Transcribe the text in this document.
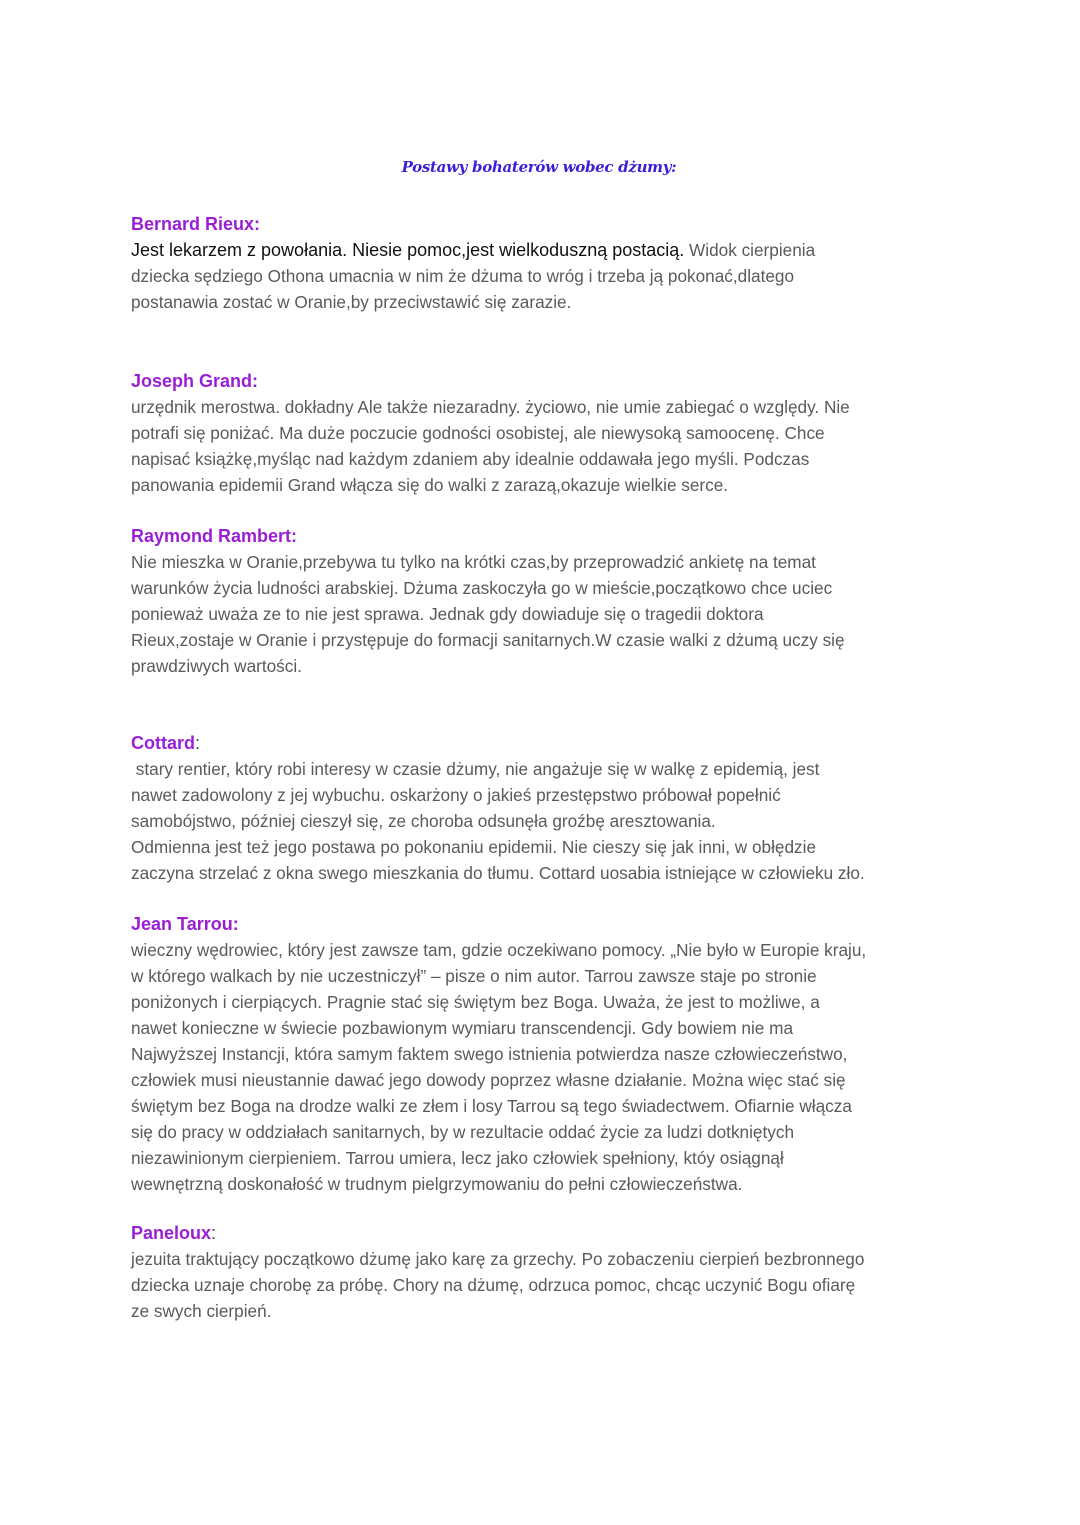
Postawy bohaterów wobec dżumy:
Bernard Rieux:
Jest lekarzem z powołania. Niesie pomoc,jest wielkoduszną postacią. Widok cierpienia
dziecka sędziego Othona umacnia w nim że dżuma to wróg i trzeba ją pokonać,dlatego
postanawia zostać w Oranie,by przeciwstawić się zarazie.
Joseph Grand:
urzędnik merostwa. dokładny Ale także niezaradny. życiowo, nie umie zabiegać o względy. Nie
potrafi się poniżać. Ma duże poczucie godności osobistej, ale niewysoką samoocenę. Chce
napisać książkę,myśląc nad każdym zdaniem aby idealnie oddawała jego myśli. Podczas
panowania epidemii Grand włącza się do walki z zarazą,okazuje wielkie serce.
Raymond Rambert:
Nie mieszka w Oranie,przebywa tu tylko na krótki czas,by przeprowadzić ankietę na temat
warunków życia ludności arabskiej. Dżuma zaskoczyła go w mieście,początkowo chce uciec
ponieważ uważa ze to nie jest sprawa. Jednak gdy dowiaduje się o tragedii doktora
Rieux,zostaje w Oranie i przystępuje do formacji sanitarnych.W czasie walki z dżumą uczy się
prawdziwych wartości.
Cottard:
stary rentier, który robi interesy w czasie dżumy, nie angażuje się w walkę z epidemią, jest
nawet zadowolony z jej wybuchu. oskarżony o jakieś przestępstwo próbował popełnić
samobójstwo, później cieszył się, ze choroba odsunęła groźbę aresztowania.
Odmienna jest też jego postawa po pokonaniu epidemii. Nie cieszy się jak inni, w obłędzie
zaczyna strzelać z okna swego mieszkania do tłumu. Cottard uosabia istniejące w człowieku zło.
Jean Tarrou:
wieczny wędrowiec, który jest zawsze tam, gdzie oczekiwano pomocy. „Nie było w Europie kraju,
w którego walkach by nie uczestniczył” – pisze o nim autor. Tarrou zawsze staje po stronie
poniżonych i cierpiących. Pragnie stać się świętym bez Boga. Uważa, że jest to możliwe, a
nawet konieczne w świecie pozbawionym wymiaru transcendencji. Gdy bowiem nie ma
Najwyższej Instancji, która samym faktem swego istnienia potwierdza nasze człowieczeństwo,
człowiek musi nieustannie dawać jego dowody poprzez własne działanie. Można więc stać się
świętym bez Boga na drodze walki ze złem i losy Tarrou są tego świadectwem. Ofiarnie włącza
się do pracy w oddziałach sanitarnych, by w rezultacie oddać życie za ludzi dotkniętych
niezawinionym cierpieniem. Tarrou umiera, lecz jako człowiek spełniony, któy osiągnął
wewnętrzną doskonałość w trudnym pielgrzymowaniu do pełni człowieczeństwa.
Paneloux:
jezuita traktujący początkowo dżumę jako karę za grzechy. Po zobaczeniu cierpień bezbronnego
dziecka uznaje chorobę za próbę. Chory na dżumę, odrzuca pomoc, chcąc uczynić Bogu ofiarę
ze swych cierpień.
